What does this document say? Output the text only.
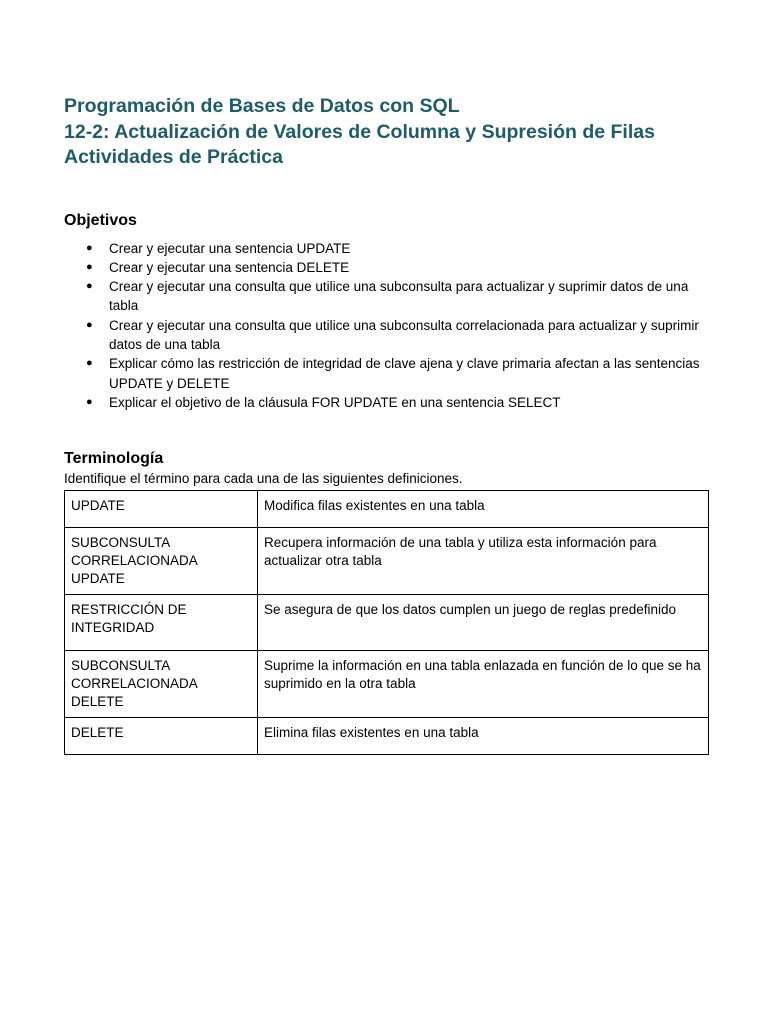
Programación de Bases de Datos con SQL
12-2: Actualización de Valores de Columna y Supresión de Filas
Actividades de Práctica
Objetivos
● Crear y ejecutar una sentencia UPDATE
● Crear y ejecutar una sentencia DELETE
● Crear y ejecutar una consulta que utilice una subconsulta para actualizar y suprimir datos de una tabla
● Crear y ejecutar una consulta que utilice una subconsulta correlacionada para actualizar y suprimir datos de una tabla
● Explicar cómo las restricción de integridad de clave ajena y clave primaria afectan a las sentencias UPDATE y DELETE
● Explicar el objetivo de la cláusula FOR UPDATE en una sentencia SELECT
Terminología

Identifique el término para cada una de las siguientes definiciones.

UPDATE	Modifica filas existentes en una tabla
SUBCONSULTA
CORRELACIONADA
UPDATE	Recupera información de una tabla y utiliza esta información para actualizar otra tabla
RESTRICCIÓN DE INTEGRIDAD	Se asegura de que los datos cumplen un juego de reglas predefinido
SUBCONSULTA
CORRELACIONADA
DELETE	Suprime la información en una tabla enlazada en función de lo que se ha suprimido en la otra tabla
DELETE	Elimina filas existentes en una tabla
